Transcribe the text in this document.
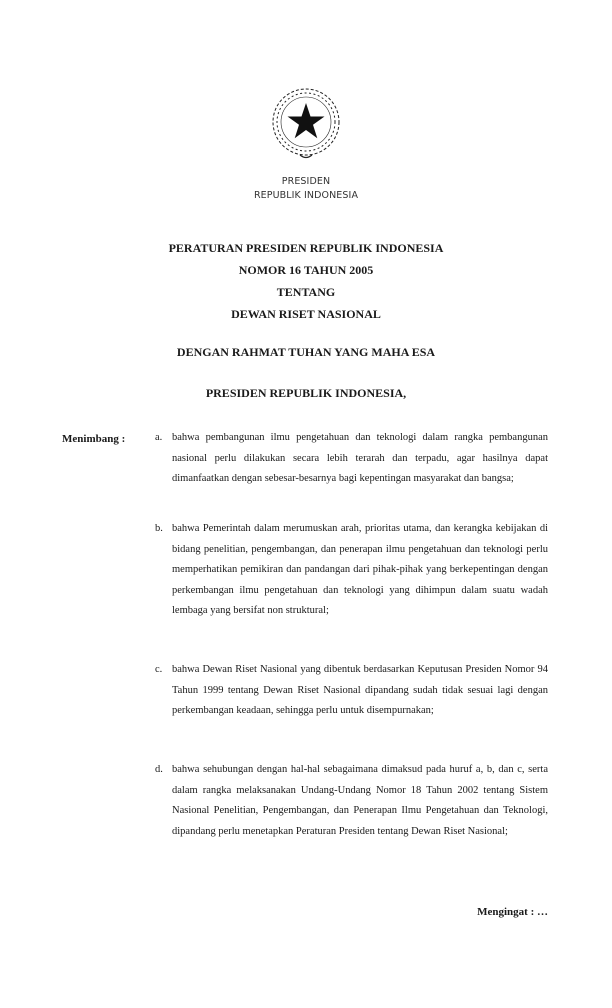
PRESIDEN
REPUBLIK INDONESIA
PERATURAN PRESIDEN REPUBLIK INDONESIA
NOMOR 16 TAHUN 2005
TENTANG
DEWAN RISET NASIONAL
DENGAN RAHMAT TUHAN YANG MAHA ESA
PRESIDEN REPUBLIK INDONESIA,
Menimbang :	a. bahwa pembangunan ilmu pengetahuan dan teknologi dalam rangka pembangunan nasional perlu dilakukan secara lebih terarah dan terpadu, agar hasilnya dapat dimanfaatkan dengan sebesar-besarnya bagi kepentingan masyarakat dan bangsa;
b. bahwa Pemerintah dalam merumuskan arah, prioritas utama, dan kerangka kebijakan di bidang penelitian, pengembangan, dan penerapan ilmu pengetahuan dan teknologi perlu memperhatikan pemikiran dan pandangan dari pihak-pihak yang berkepentingan dengan perkembangan ilmu pengetahuan dan teknologi yang dihimpun dalam suatu wadah lembaga yang bersifat non struktural;
c. bahwa Dewan Riset Nasional yang dibentuk berdasarkan Keputusan Presiden Nomor 94 Tahun 1999 tentang Dewan Riset Nasional dipandang sudah tidak sesuai lagi dengan perkembangan keadaan, sehingga perlu untuk disempurnakan;
d. bahwa sehubungan dengan hal-hal sebagaimana dimaksud pada huruf a, b, dan c, serta dalam rangka melaksanakan Undang-Undang Nomor 18 Tahun 2002 tentang Sistem Nasional Penelitian, Pengembangan, dan Penerapan Ilmu Pengetahuan dan Teknologi, dipandang perlu menetapkan Peraturan Presiden tentang Dewan Riset Nasional;
Mengingat : …
